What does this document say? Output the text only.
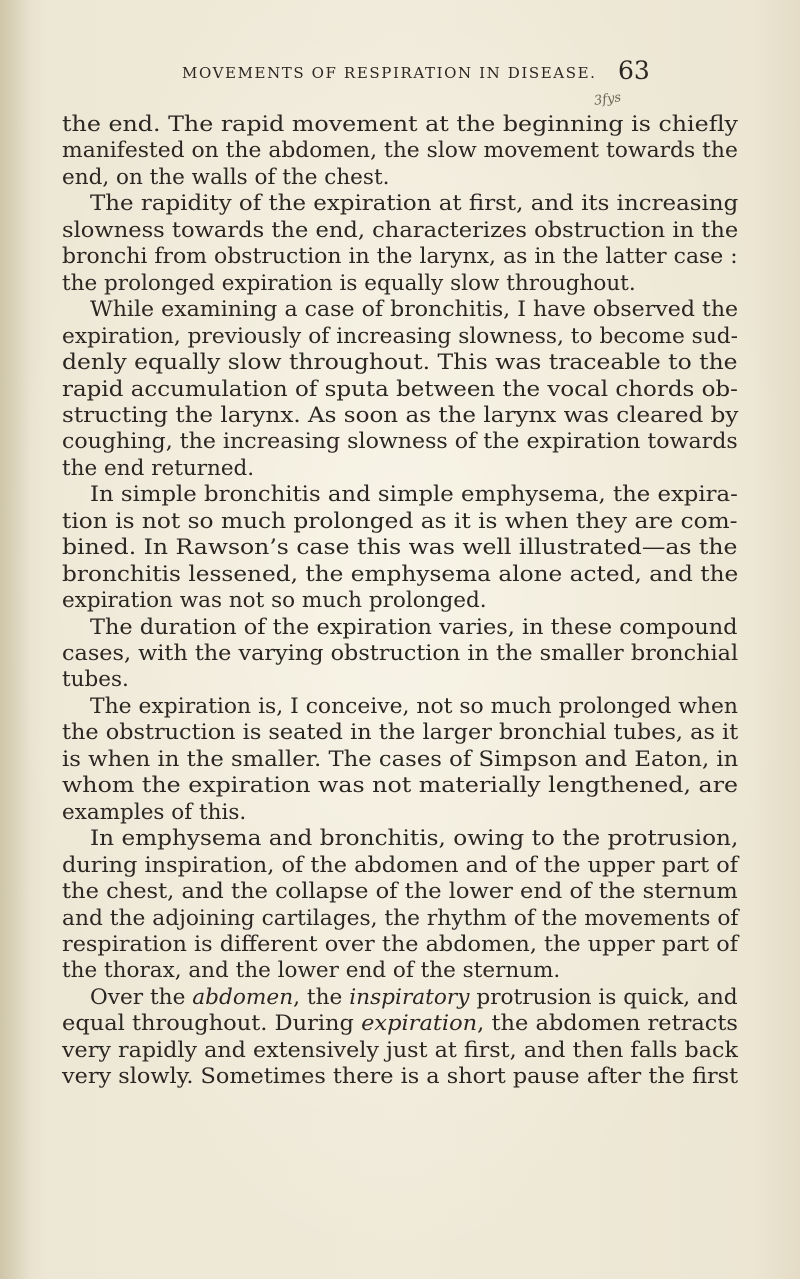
MOVEMENTS OF RESPIRATION IN DISEASE. 63
3fys
the end. The rapid movement at the beginning is chiefly
manifested on the abdomen, the slow movement towards the
end, on the walls of the chest.
The rapidity of the expiration at first, and its increasing
slowness towards the end, characterizes obstruction in the
bronchi from obstruction in the larynx, as in the latter case :
the prolonged expiration is equally slow throughout.
While examining a case of bronchitis, I have observed the
expiration, previously of increasing slowness, to become sud-
denly equally slow throughout. This was traceable to the
rapid accumulation of sputa between the vocal chords ob-
structing the larynx. As soon as the larynx was cleared by
coughing, the increasing slowness of the expiration towards
the end returned.
In simple bronchitis and simple emphysema, the expira-
tion is not so much prolonged as it is when they are com-
bined. In Rawson’s case this was well illustrated—as the
bronchitis lessened, the emphysema alone acted, and the
expiration was not so much prolonged.
The duration of the expiration varies, in these compound
cases, with the varying obstruction in the smaller bronchial
tubes.
The expiration is, I conceive, not so much prolonged when
the obstruction is seated in the larger bronchial tubes, as it
is when in the smaller. The cases of Simpson and Eaton, in
whom the expiration was not materially lengthened, are
examples of this.
In emphysema and bronchitis, owing to the protrusion,
during inspiration, of the abdomen and of the upper part of
the chest, and the collapse of the lower end of the sternum
and the adjoining cartilages, the rhythm of the movements of
respiration is different over the abdomen, the upper part of
the thorax, and the lower end of the sternum.
Over the abdomen, the inspiratory protrusion is quick, and
equal throughout. During expiration, the abdomen retracts
very rapidly and extensively just at first, and then falls back
very slowly. Sometimes there is a short pause after the first
